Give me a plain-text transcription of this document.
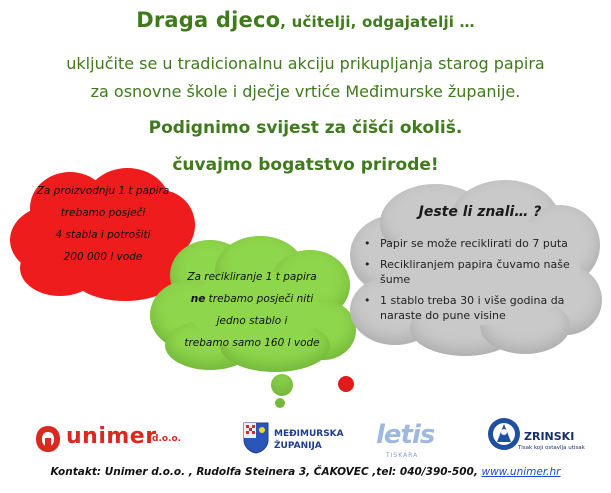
Draga djeco, učitelji, odgajatelji …
uključite se u tradicionalnu akciju prikupljanja starog papira
za osnovne škole i dječje vrtiće Međimurske županije.
Podignimo svijest za čišći okoliš.
čuvajmo bogatstvo prirode!
Za proizvodnju 1 t papira
trebamo posječi
4 stabla i potrošiti
200 000 l vode
Za recikliranje 1 t papira
ne trebamo posječi niti
jedno stablo i
trebamo samo 160 l vode
Jeste li znali… ?
• Papir se može reciklirati do 7 puta
• Recikliranjem papira čuvamo naše šume
• 1 stablo treba 30 i više godina da naraste do pune visine
unimer
d.o.o.	MEĐIMURSKA
ŽUPANIJA	letis
TISKARA
ZRINSKI
Tisak koji ostavlja utisak
Kontakt: Unimer d.o.o. , Rudolfa Steinera 3, ČAKOVEC ,tel: 040/390-500, www.unimer.hr
